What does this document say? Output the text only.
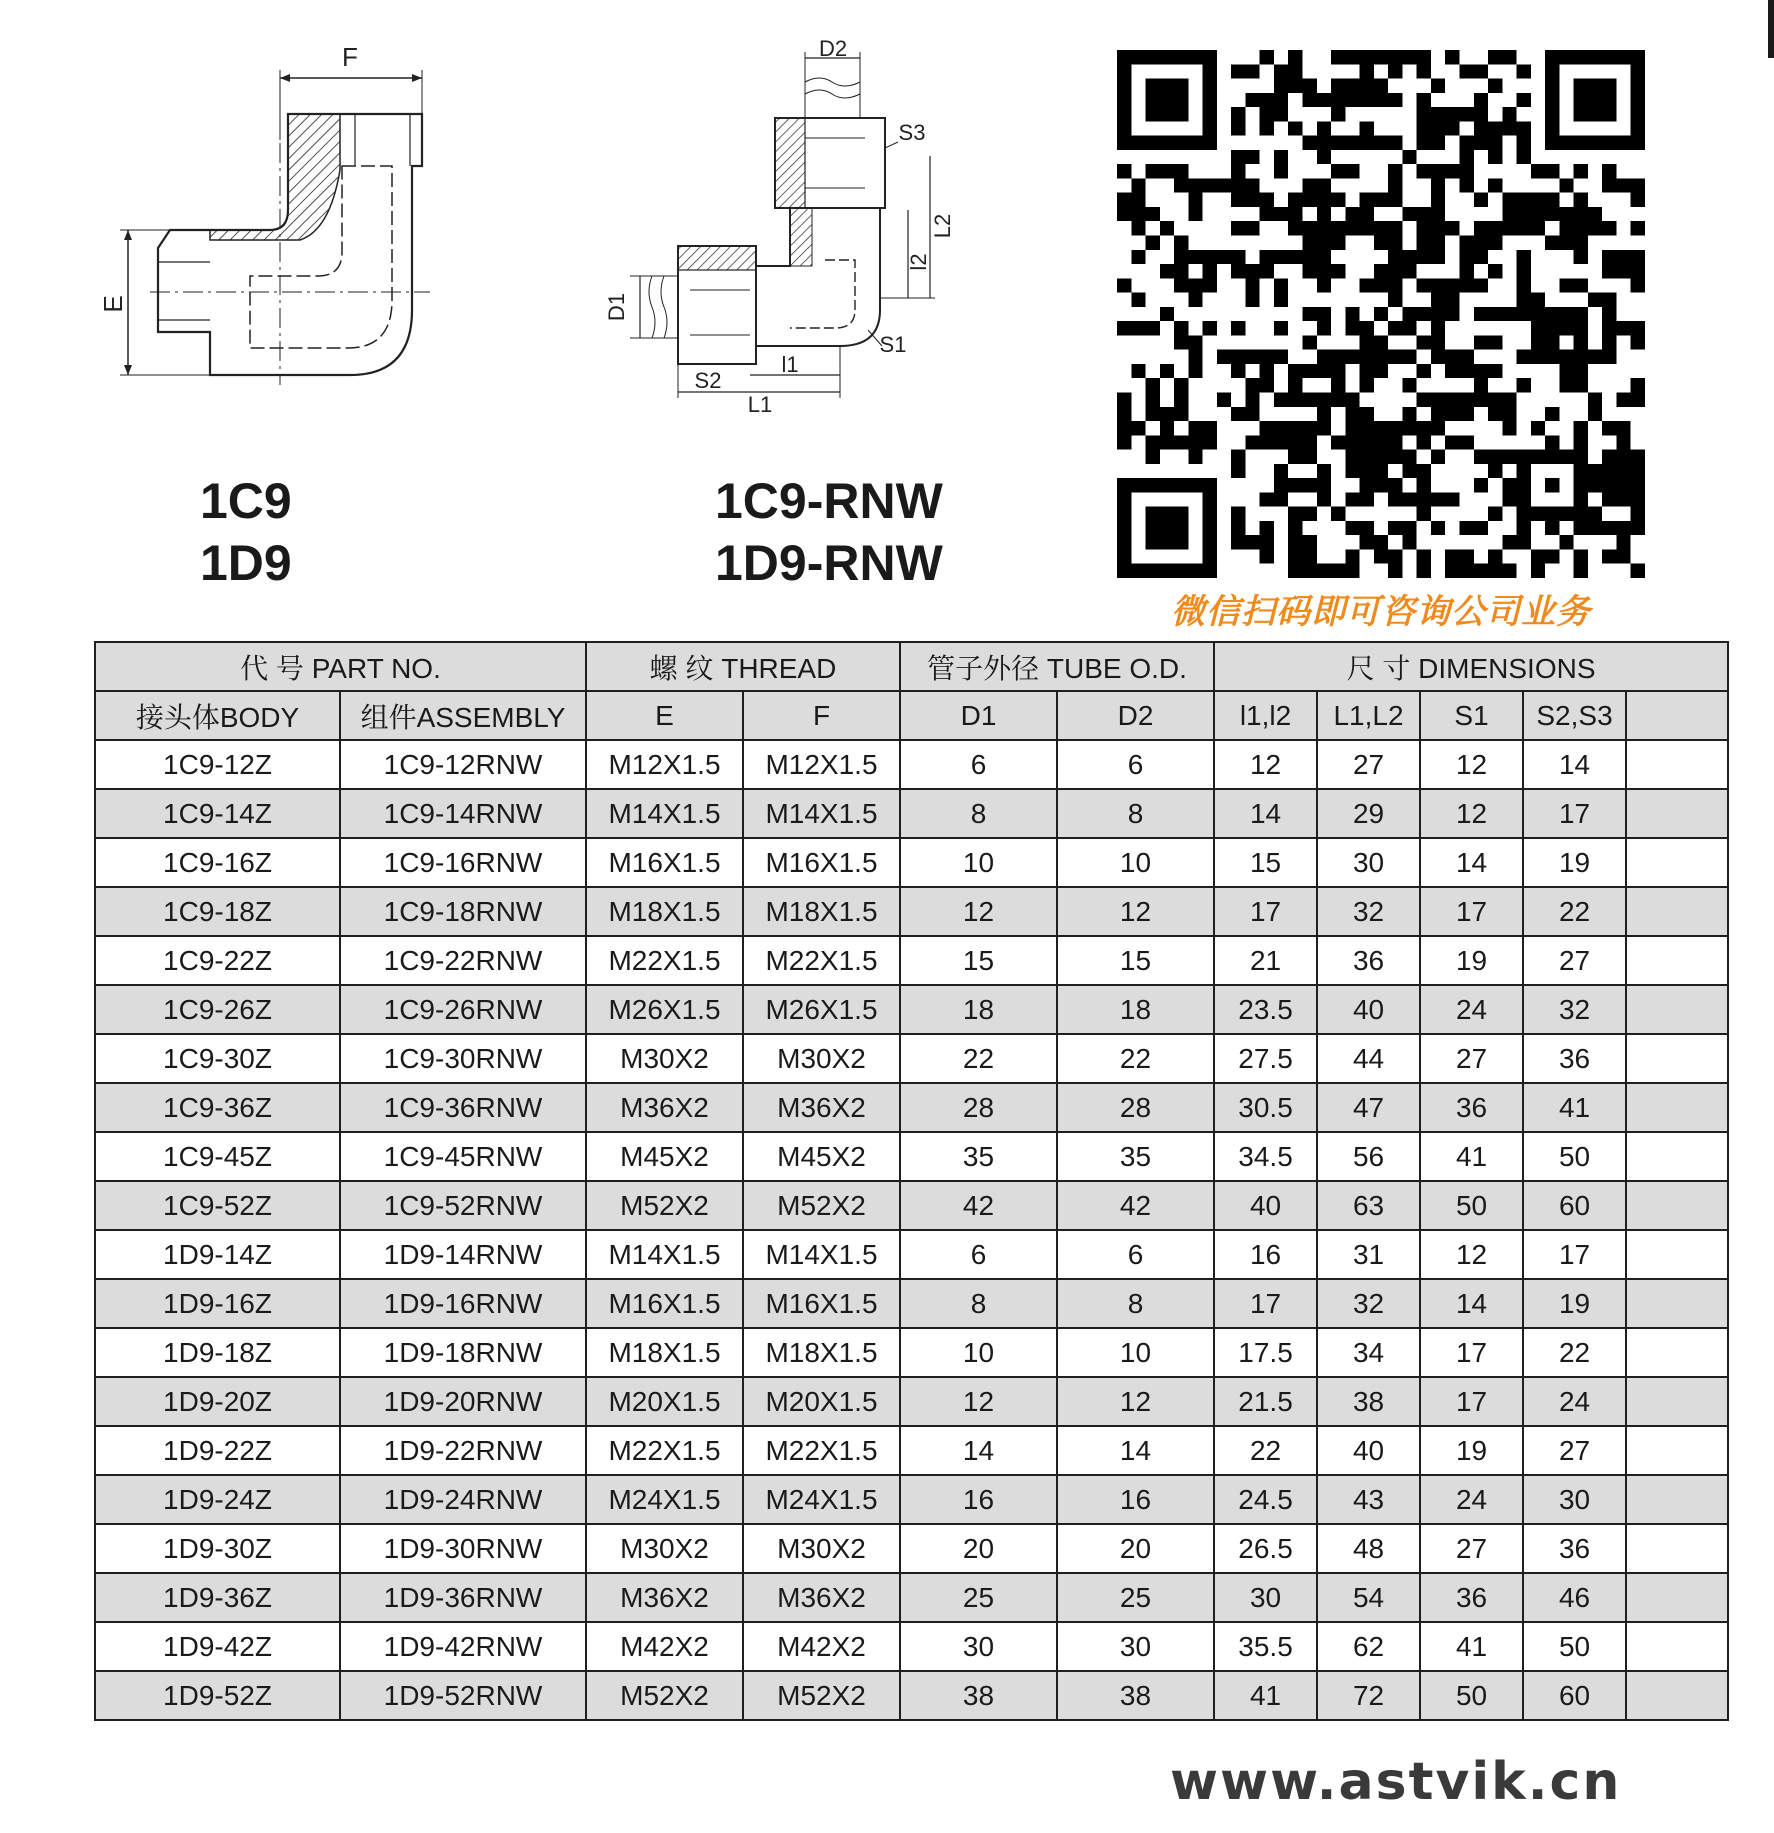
F
E
D2
S3
L2
l2
S1
D1
S2
l1
L1
1C9
1D9
1C9-RNW
1D9-RNW
微信扫码即可咨询公司业务
代 号 PART NO.		螺 纹 THREAD		管子外径 TUBE O.D.		尺 寸 DIMENSIONS				
接头体BODY	组件ASSEMBLY	E	F	D1	D2	l1,l2	L1,L2	S1	S2,S3	
1C9-12Z	1C9-12RNW	M12X1.5	M12X1.5	6	6	12	27	12	14	
1C9-14Z	1C9-14RNW	M14X1.5	M14X1.5	8	8	14	29	12	17	
1C9-16Z	1C9-16RNW	M16X1.5	M16X1.5	10	10	15	30	14	19	
1C9-18Z	1C9-18RNW	M18X1.5	M18X1.5	12	12	17	32	17	22	
1C9-22Z	1C9-22RNW	M22X1.5	M22X1.5	15	15	21	36	19	27	
1C9-26Z	1C9-26RNW	M26X1.5	M26X1.5	18	18	23.5	40	24	32	
1C9-30Z	1C9-30RNW	M30X2	M30X2	22	22	27.5	44	27	36	
1C9-36Z	1C9-36RNW	M36X2	M36X2	28	28	30.5	47	36	41	
1C9-45Z	1C9-45RNW	M45X2	M45X2	35	35	34.5	56	41	50	
1C9-52Z	1C9-52RNW	M52X2	M52X2	42	42	40	63	50	60	
1D9-14Z	1D9-14RNW	M14X1.5	M14X1.5	6	6	16	31	12	17	
1D9-16Z	1D9-16RNW	M16X1.5	M16X1.5	8	8	17	32	14	19	
1D9-18Z	1D9-18RNW	M18X1.5	M18X1.5	10	10	17.5	34	17	22	
1D9-20Z	1D9-20RNW	M20X1.5	M20X1.5	12	12	21.5	38	17	24	
1D9-22Z	1D9-22RNW	M22X1.5	M22X1.5	14	14	22	40	19	27	
1D9-24Z	1D9-24RNW	M24X1.5	M24X1.5	16	16	24.5	43	24	30	
1D9-30Z	1D9-30RNW	M30X2	M30X2	20	20	26.5	48	27	36	
1D9-36Z	1D9-36RNW	M36X2	M36X2	25	25	30	54	36	46	
1D9-42Z	1D9-42RNW	M42X2	M42X2	30	30	35.5	62	41	50	
1D9-52Z	1D9-52RNW	M52X2	M52X2	38	38	41	72	50	60	
www.astvik.cn
